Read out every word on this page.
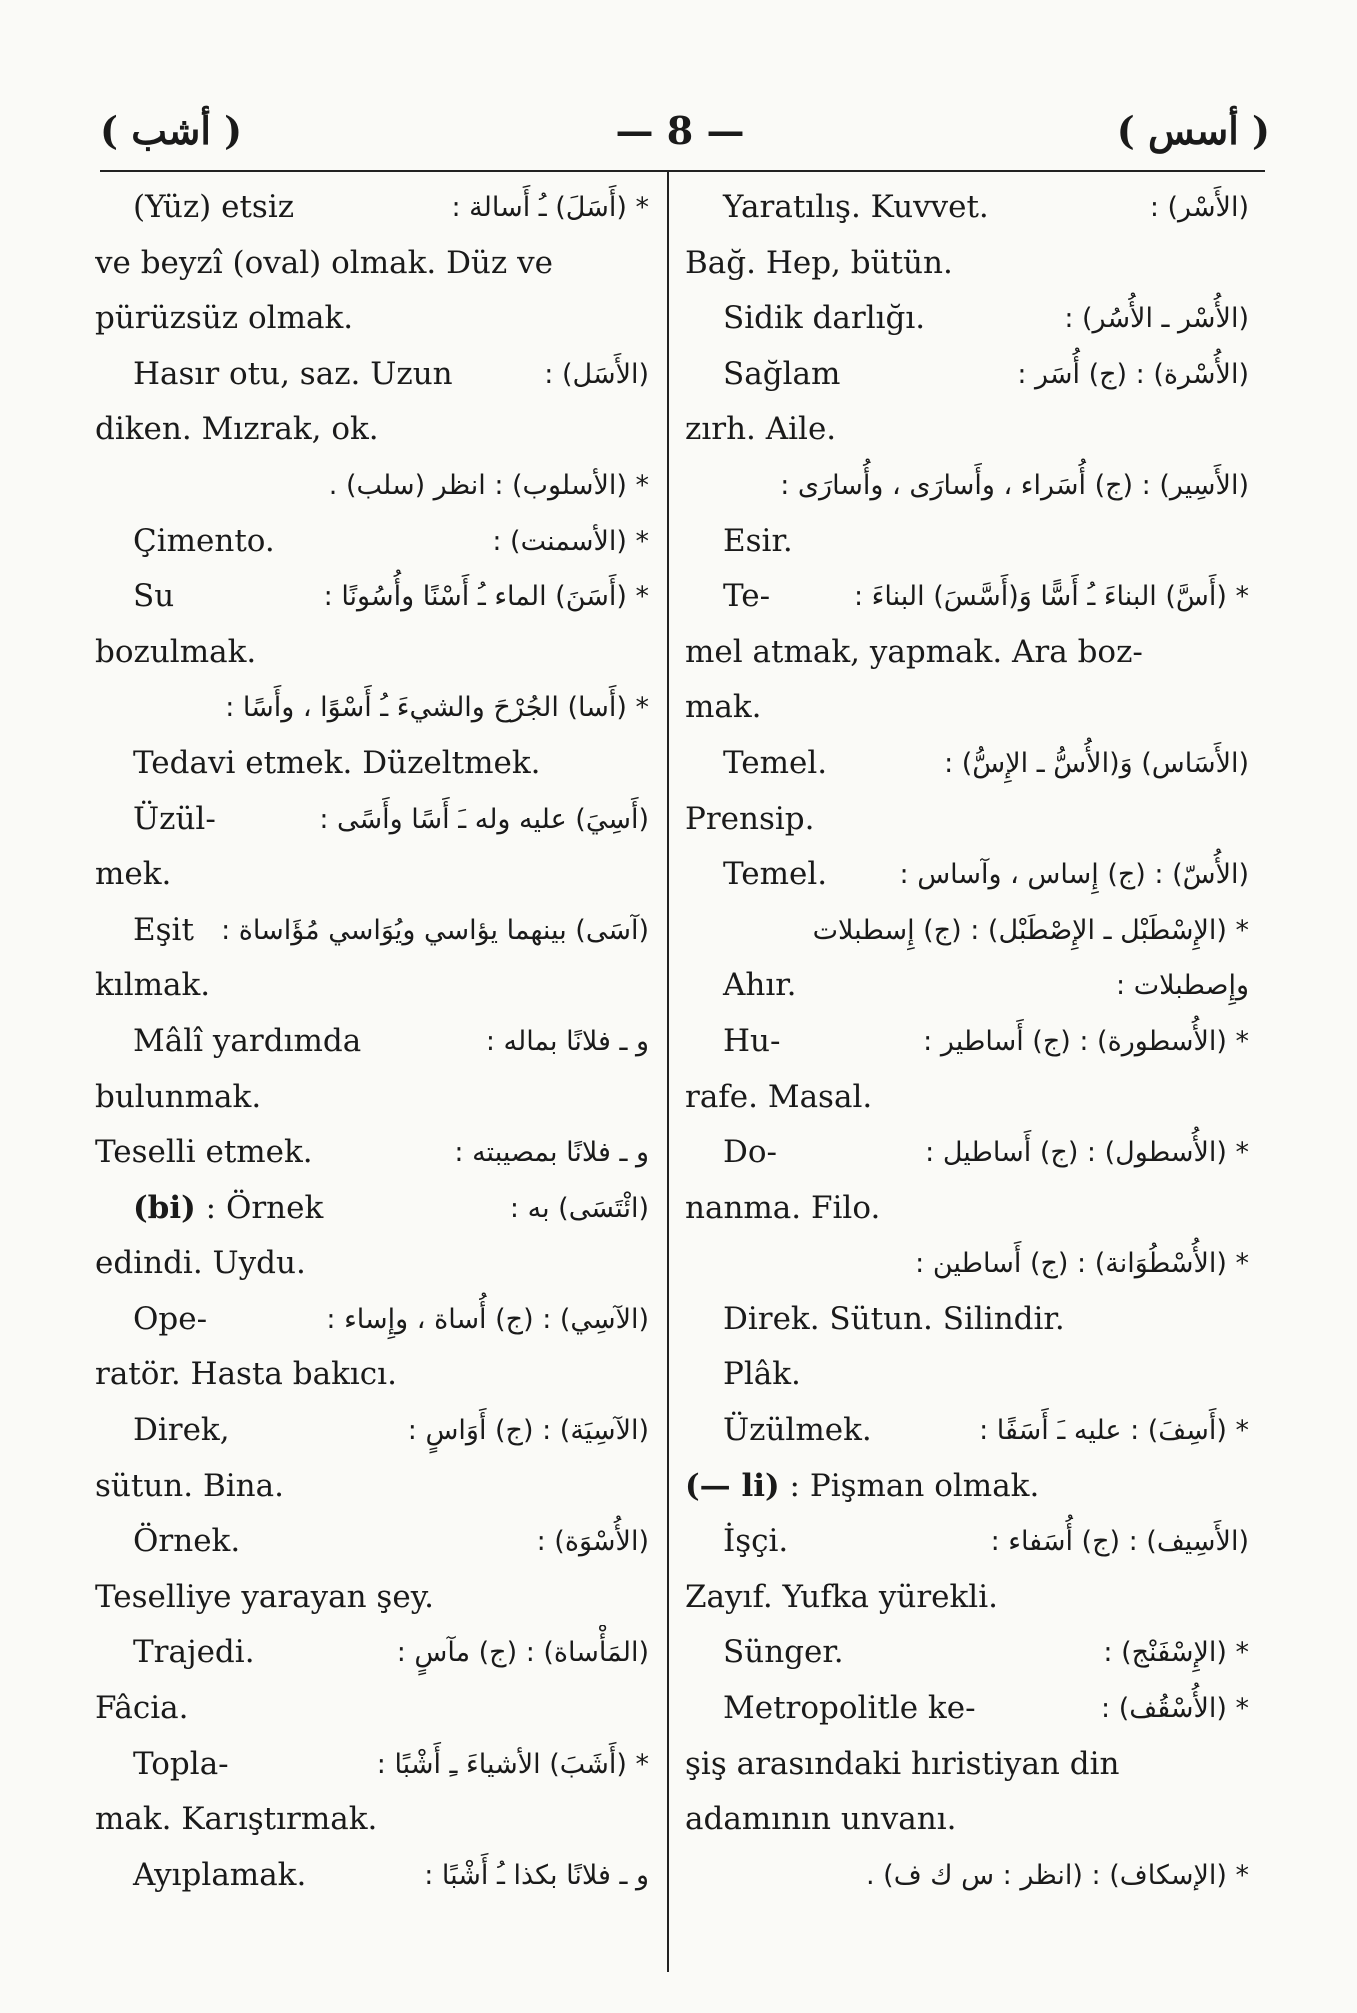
( أشب )	— 8 —	( أسس )
(Yüz) etsiz	* (أَسَلَ) ـُ أَسالة :
ve beyzî (oval) olmak. Düz ve
pürüzsüz olmak.
Hasır otu, saz. Uzun	(الأَسَل) :
diken. Mızrak, ok.
* (الأسلوب) : انظر (سلب) .
Çimento.	* (الأسمنت) :
Su	* (أَسَنَ) الماء ـُ أَسْنًا وأُسُونًا :
bozulmak.
* (أَسا) الجُرْحَ والشيءَ ـُ أَسْوًا ، وأَسًا :
Tedavi etmek. Düzeltmek.
Üzül-	(أَسِيَ) عليه وله ـَ أَسًا وأَسًى :
mek.
Eşit (آسَى) بينهما يؤاسي ويُوَاسي مُؤَاساة :
kılmak.
Mâlî yardımda	و ـ فلانًا بماله :
bulunmak.
Teselli etmek.	و ـ فلانًا بمصيبته :
(bi) : Örnek	(ائْتَسَى) به :
edindi. Uydu.
Ope-	(الآسِي) : (ج) أُساة ، وإِساء :
ratör. Hasta bakıcı.
Direk,	(الآسِيَة) : (ج) أَوَاسٍ :
sütun. Bina.
Örnek.	(الأُسْوَة) :
Teselliye yarayan şey.
Trajedi.	(المَأْساة) : (ج) مآسٍ :
Fâcia.
Topla-	* (أَشَبَ) الأشياءَ ـِ أَشْبًا :
mak. Karıştırmak.
Ayıplamak.	و ـ فلانًا بكذا ـُ أَشْبًا :
Yaratılış. Kuvvet.	(الأَسْر) :
Bağ. Hep, bütün.
Sidik darlığı.	(الأُسْر ـ الأُسُر) :
Sağlam	(الأُسْرة) : (ج) أُسَر :
zırh. Aile.
(الأَسِير) : (ج) أُسَراء ، وأَسارَى ، وأُسارَى :
Esir.
Te-	* (أَسَّ) البناءَ ـُ أَسًّا وَ(أَسَّسَ) البناءَ :
mel atmak, yapmak. Ara boz-
mak.
Temel.	(الأَسَاس) وَ(الأُسُّ ـ الإِسُّ) :
Prensip.
Temel.	(الأُسّ) : (ج) إِساس ، وآساس :
* (الإِسْطَبْل ـ الإِصْطَبْل) : (ج) إِسطبلات
Ahır.	وإِصطبلات :
Hu-	* (الأُسطورة) : (ج) أَساطير :
rafe. Masal.
Do-	* (الأُسطول) : (ج) أَساطيل :
nanma. Filo.
* (الأُسْطُوَانة) : (ج) أَساطين :
Direk. Sütun. Silindir.
Plâk.
Üzülmek.	* (أَسِفَ) : عليه ـَ أَسَفًا :
(— li) : Pişman olmak.
İşçi.	(الأَسِيف) : (ج) أُسَفاء :
Zayıf. Yufka yürekli.
Sünger.	* (الإِسْفَنْج) :
Metropolitle ke-	* (الأُسْقُف) :
şiş arasındaki hıristiyan din
adamının unvanı.
* (الإسكاف) : (انظر : س ك ف) .
